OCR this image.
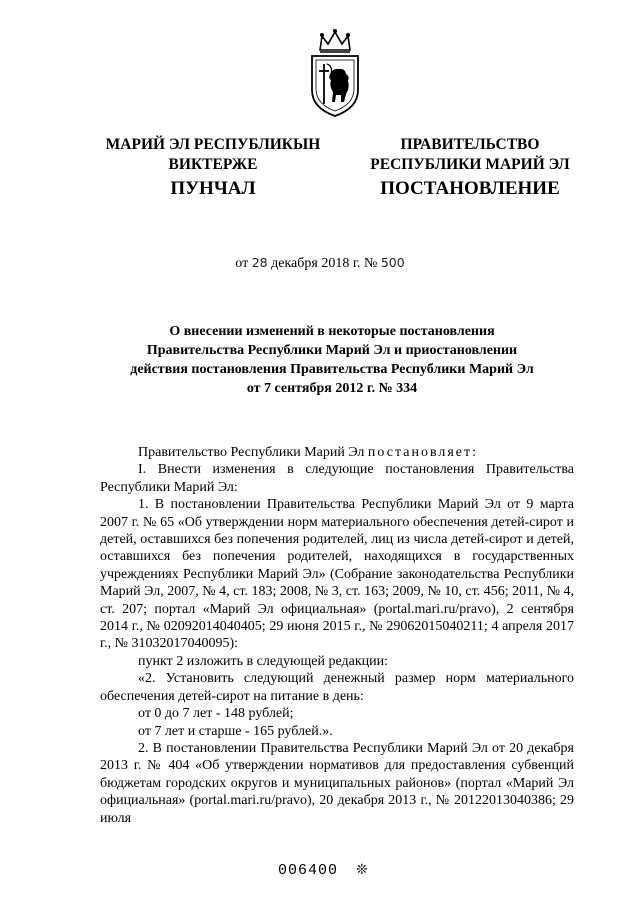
МАРИЙ ЭЛ РЕСПУБЛИКЫН
ВИКТЕРЖЕ
ПРАВИТЕЛЬСТВО
РЕСПУБЛИКИ МАРИЙ ЭЛ
ПУНЧАЛ	ПОСТАНОВЛЕНИЕ
от 28 декабря 2018 г. № 500
О внесении изменений в некоторые постановления
Правительства Республики Марий Эл и приостановлении
действия постановления Правительства Республики Марий Эл
от 7 сентября 2012 г. № 334

Правительство Республики Марий Эл постановляет:

I. Внести изменения в следующие постановления Правительства Республики Марий Эл:

1. В постановлении Правительства Республики Марий Эл от 9 марта 2007 г. № 65 «Об утверждении норм материального обеспечения детей-сирот и детей, оставшихся без попечения родителей, лиц из числа детей-сирот и детей, оставшихся без попечения родителей, находящихся в государственных учреждениях Республики Марий Эл» (Собрание законодательства Республики Марий Эл, 2007, № 4, ст. 183; 2008, № 3, ст. 163; 2009, № 10, ст. 456; 2011, № 4, ст. 207; портал «Марий Эл официальная» (portal.mari.ru/pravo), 2 сентября 2014 г., № 02092014040405; 29 июня 2015 г., № 29062015040211; 4 апреля 2017 г., № 31032017040095):

пункт 2 изложить в следующей редакции:

«2. Установить следующий денежный размер норм материального обеспечения детей-сирот на питание в день:

от 0 до 7 лет - 148 рублей;

от 7 лет и старше - 165 рублей.».

2. В постановлении Правительства Республики Марий Эл от 20 декабря 2013 г. № 404 «Об утверждении нормативов для предоставления субвенций бюджетам городских округов и муниципальных районов» (портал «Марий Эл официальная» (portal.mari.ru/pravo), 20 декабря 2013 г., № 20122013040386; 29 июля

006400 ❊
